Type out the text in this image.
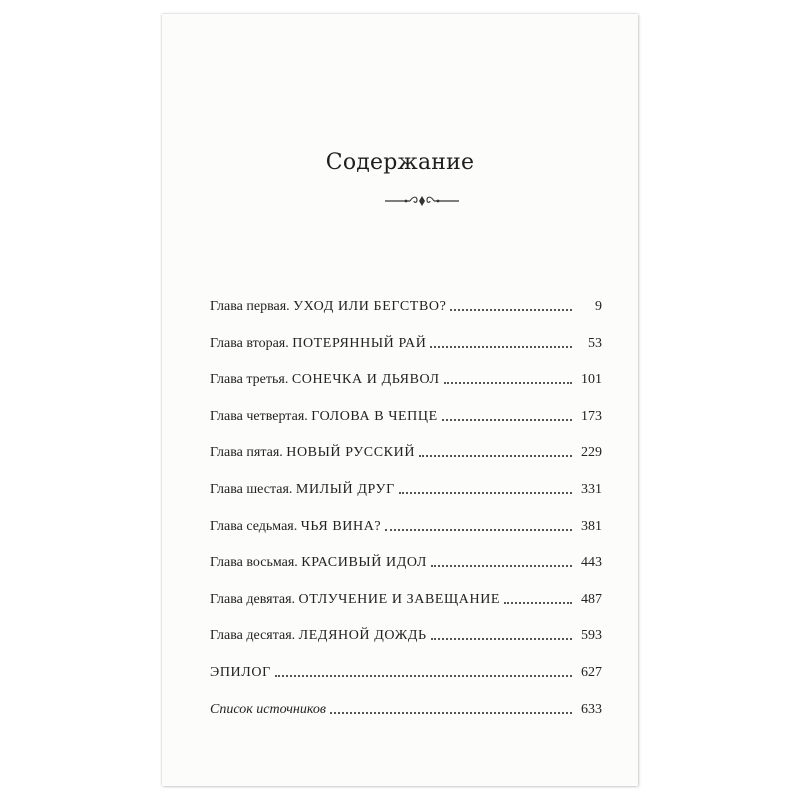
Содержание
Глава первая. УХОД ИЛИ БЕГСТВО?	9
Глава вторая. ПОТЕРЯННЫЙ РАЙ	53
Глава третья. СОНЕЧКА И ДЬЯВОЛ	101
Глава четвертая. ГОЛОВА В ЧЕПЦЕ	173
Глава пятая. НОВЫЙ РУССКИЙ	229
Глава шестая. МИЛЫЙ ДРУГ	331
Глава седьмая. ЧЬЯ ВИНА?	381
Глава восьмая. КРАСИВЫЙ ИДОЛ	443
Глава девятая. ОТЛУЧЕНИЕ И ЗАВЕЩАНИЕ	487
Глава десятая. ЛЕДЯНОЙ ДОЖДЬ	593
ЭПИЛОГ	627
Список источников	633
